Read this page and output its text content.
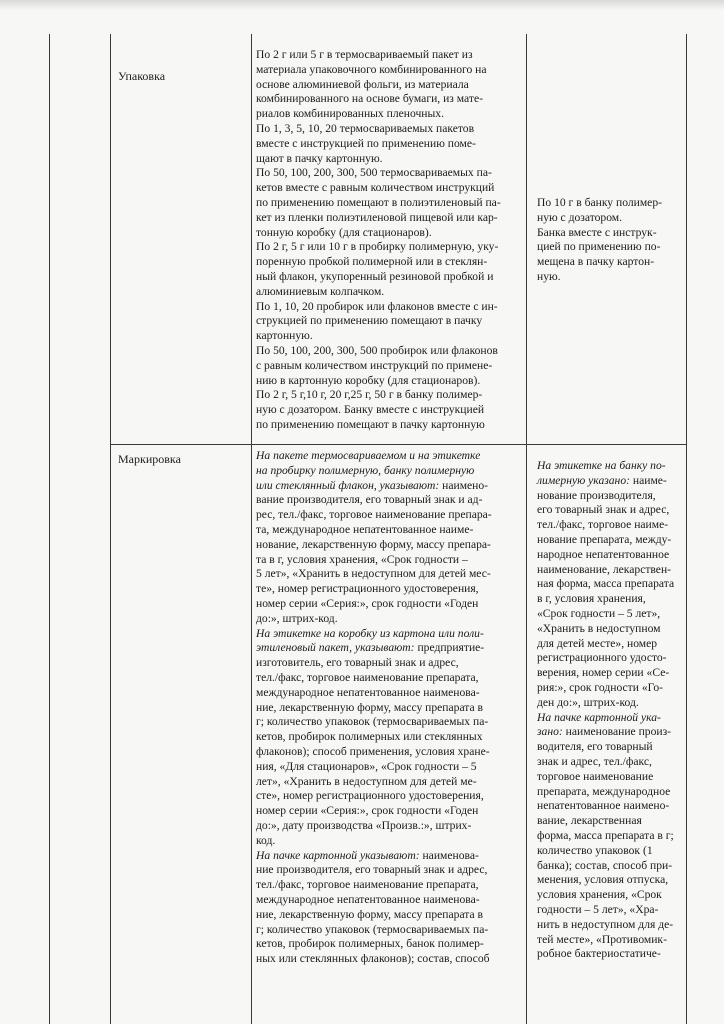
Упаковка

По 2 г или 5 г в термосвариваемый пакет из

материала упаковочного комбинированного на

основе алюминиевой фольги, из материала

комбинированного на основе бумаги, из мате-

риалов комбинированных пленочных.

По 1, 3, 5, 10, 20 термосвариваемых пакетов

вместе с инструкцией по применению поме-

щают в пачку картонную.

По 50, 100, 200, 300, 500 термосвариваемых па-

кетов вместе с равным количеством инструкций

по применению помещают в полиэтиленовый па-

кет из пленки полиэтиленовой пищевой или кар-

тонную коробку (для стационаров).

По 2 г, 5 г или 10 г в пробирку полимерную, уку-

поренную пробкой полимерной или в стеклян-

ный флакон, укупоренный резиновой пробкой и

алюминиевым колпачком.

По 1, 10, 20 пробирок или флаконов вместе с ин-

струкцией по применению помещают в пачку

картонную.

По 50, 100, 200, 300, 500 пробирок или флаконов

с равным количеством инструкций по примене-

нию в картонную коробку (для стационаров).

По 2 г, 5 г,10 г, 20 г,25 г, 50 г в банку полимер-

ную с дозатором. Банку вместе с инструкцией

по применению помещают в пачку картонную

По 10 г в банку полимер-

ную с дозатором.

Банка вместе с инструк-

цией по применению по-

мещена в пачку картон-

ную.

Маркировка	На пакете термосвариваемом и на этикетке

на пробирку полимерную, банку полимерную

или стеклянный флакон, указывают: наимено-

вание производителя, его товарный знак и ад-

рес, тел./факс, торговое наименование препара-

та, международное непатентованное наиме-

нование, лекарственную форму, массу препара-

та в г, условия хранения, «Срок годности –

5 лет», «Хранить в недоступном для детей мес-

те», номер регистрационного удостоверения,

номер серии «Серия:», срок годности «Годен

до:», штрих-код.

На этикетке на коробку из картона или поли-

этиленовый пакет, указывают: предприятие-

изготовитель, его товарный знак и адрес,

тел./факс, торговое наименование препарата,

международное непатентованное наименова-

ние, лекарственную форму, массу препарата в

г; количество упаковок (термосвариваемых па-

кетов, пробирок полимерных или стеклянных

флаконов); способ применения, условия хране-

ния, «Для стационаров», «Срок годности – 5

лет», «Хранить в недоступном для детей ме-

сте», номер регистрационного удостоверения,

номер серии «Серия:», срок годности «Годен

до:», дату производства «Произв.:», штрих-

код.

На пачке картонной указывают: наименова-

ние производителя, его товарный знак и адрес,

тел./факс, торговое наименование препарата,

международное непатентованное наименова-

ние, лекарственную форму, массу препарата в

г; количество упаковок (термосвариваемых па-

кетов, пробирок полимерных, банок полимер-

ных или стеклянных флаконов); состав, способ

На этикетке на банку по-

лимерную указано: наиме-

нование производителя,

его товарный знак и адрес,

тел./факс, торговое наиме-

нование препарата, между-

народное непатентованное

наименование, лекарствен-

ная форма, масса препарата

в г, условия хранения,

«Срок годности – 5 лет»,

«Хранить в недоступном

для детей месте», номер

регистрационного удосто-

верения, номер серии «Се-

рия:», срок годности «Го-

ден до:», штрих-код.

На пачке картонной ука-

зано: наименование произ-

водителя, его товарный

знак и адрес, тел./факс,

торговое наименование

препарата, международное

непатентованное наимено-

вание, лекарственная

форма, масса препарата в г;

количество упаковок (1

банка); состав, способ при-

менения, условия отпуска,

условия хранения, «Срок

годности – 5 лет», «Хра-

нить в недоступном для де-

тей месте», «Противомик-

робное бактериостатиче-
